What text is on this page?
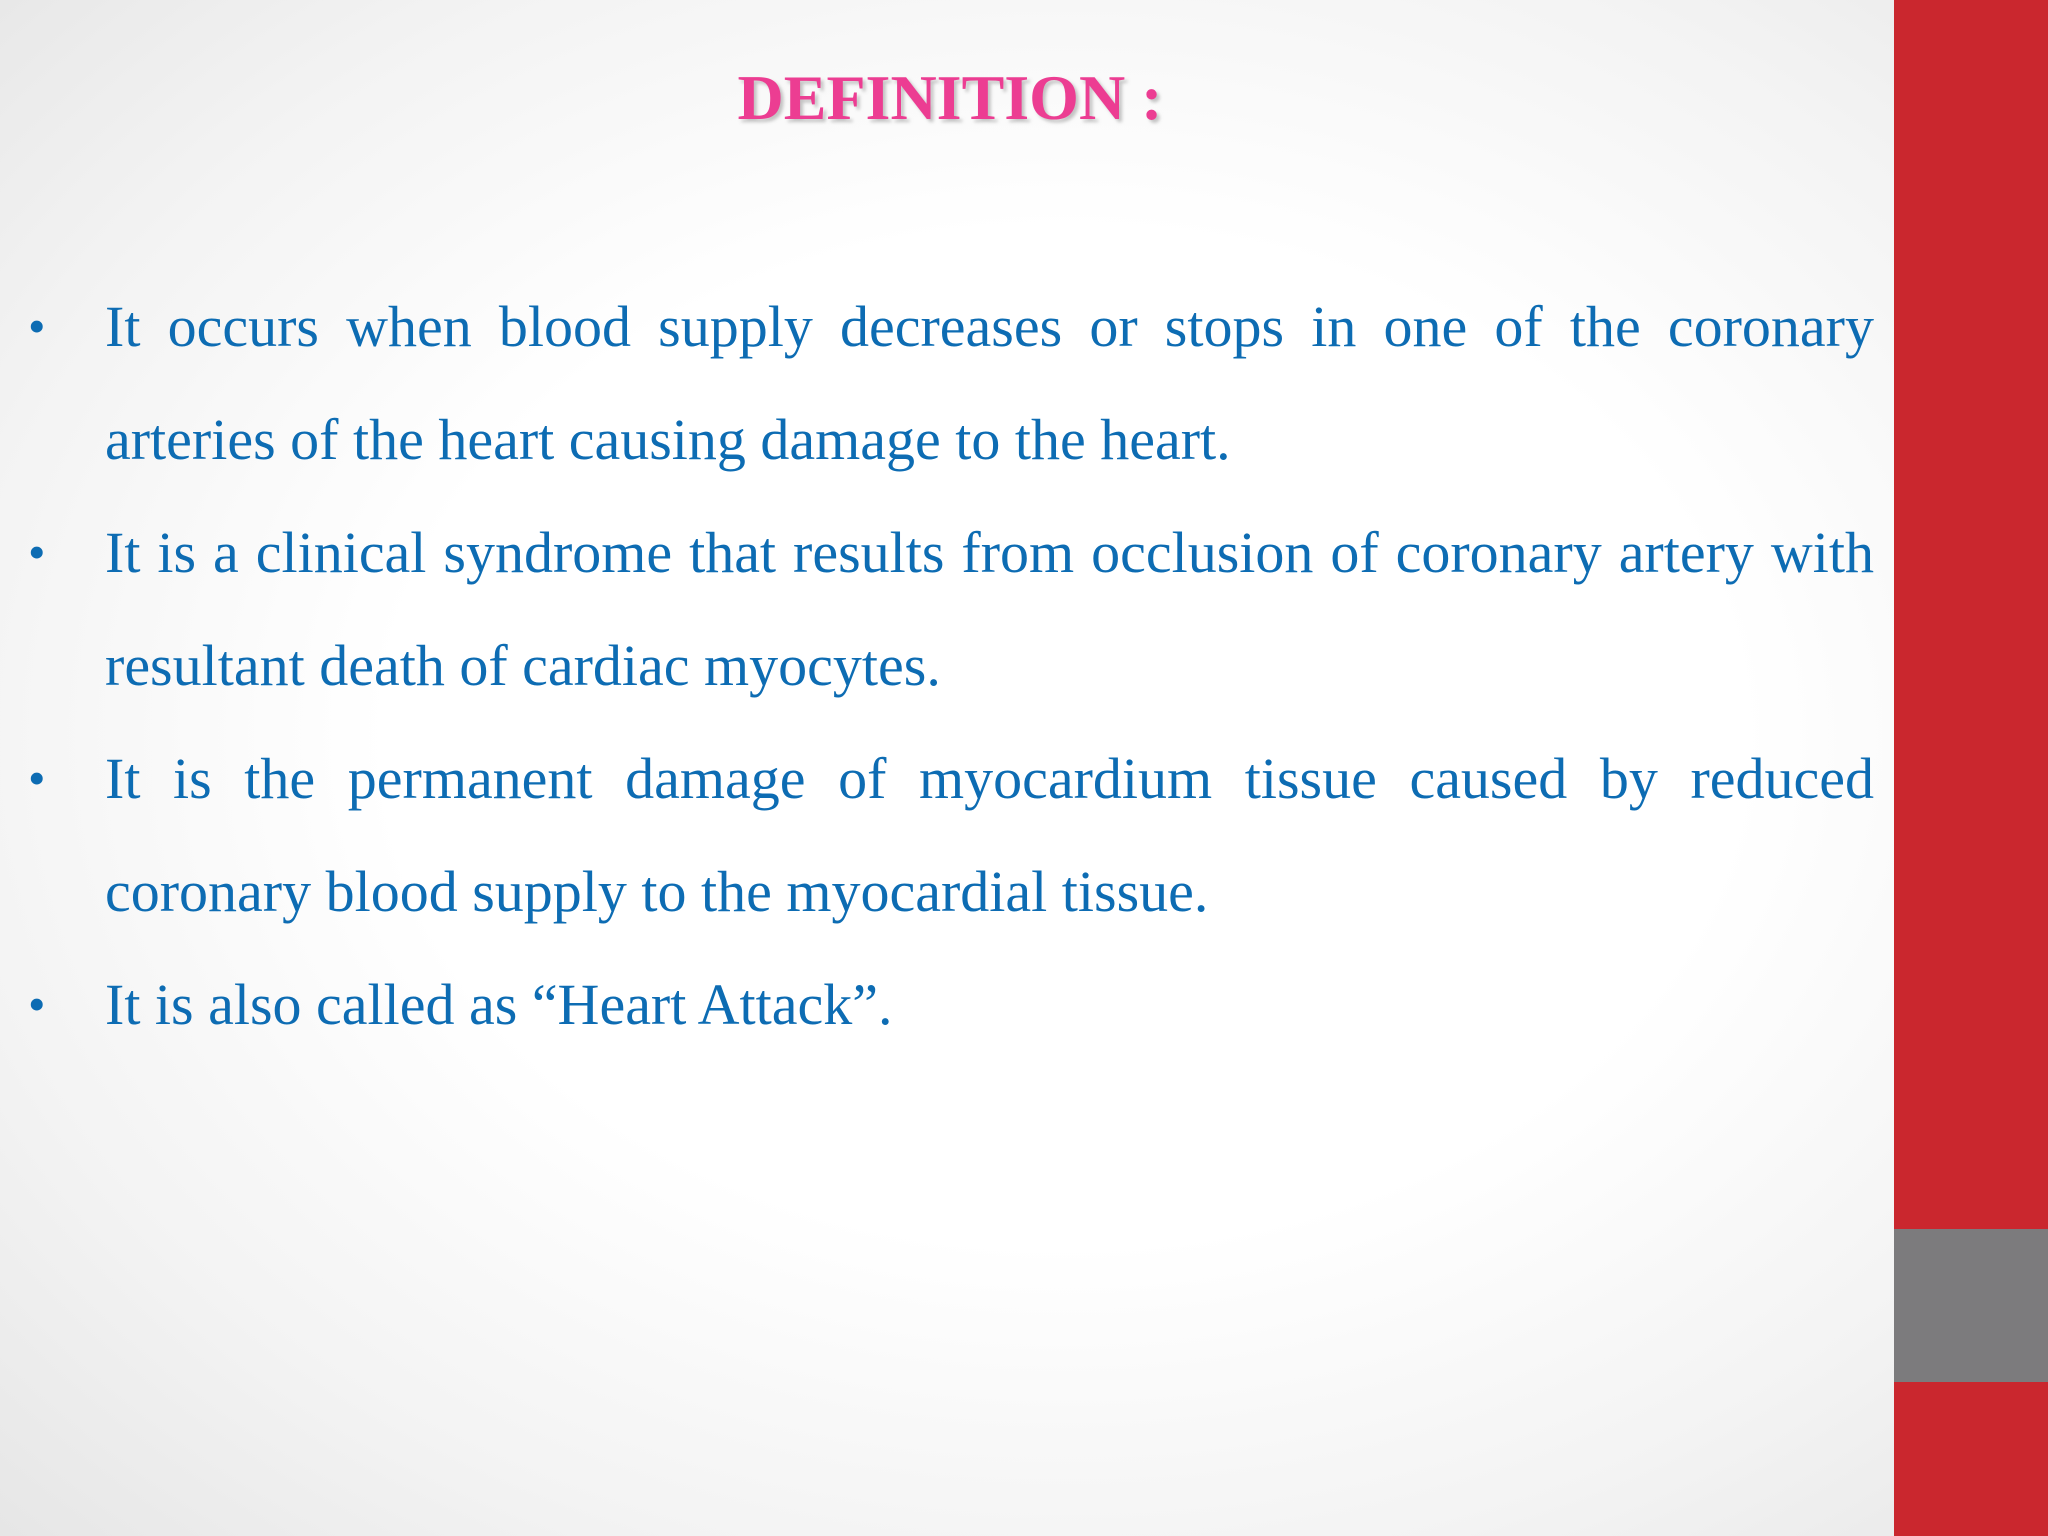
DEFINITION :
• It occurs when blood supply decreases or stops in one of the coronary arteries of the heart causing damage to the heart.
• It is a clinical syndrome that results from occlusion of coronary artery with resultant death of cardiac myocytes.
• It is the permanent damage of myocardium tissue caused by reduced coronary blood supply to the myocardial tissue.
• It is also called as “Heart Attack”.
